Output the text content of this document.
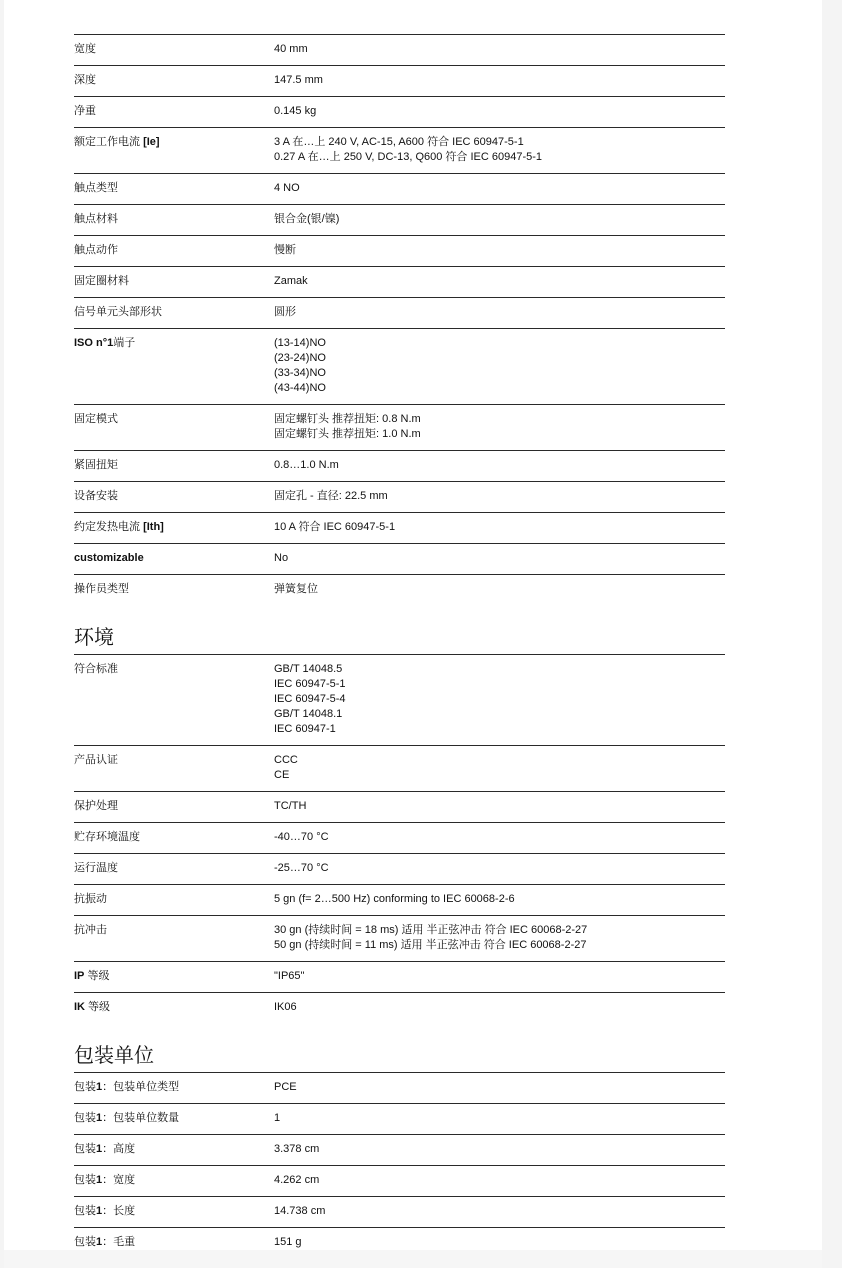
宽度	40 mm
深度	147.5 mm
净重	0.145 kg
额定工作电流 [Ie]	3 A 在…上 240 V, AC-15, A600 符合 IEC 60947-5-1
0.27 A 在…上 250 V, DC-13, Q600 符合 IEC 60947-5-1
触点类型	4 NO
触点材料	银合金(银/镍)
触点动作	慢断
固定圈材料	Zamak
信号单元头部形状	圆形
ISO n°1端子	(13-14)NO
(23-24)NO
(33-34)NO
(43-44)NO
固定模式	固定螺钉头 推荐扭矩: 0.8 N.m
固定螺钉头 推荐扭矩: 1.0 N.m
紧固扭矩	0.8…1.0 N.m
设备安装	固定孔 - 直径: 22.5 mm
约定发热电流 [Ith]	10 A 符合 IEC 60947-5-1
customizable	No
操作员类型	弹簧复位
环境
符合标准	GB/T 14048.5
IEC 60947-5-1
IEC 60947-5-4
GB/T 14048.1
IEC 60947-1
产品认证	CCC
CE
保护处理	TC/TH
贮存环境温度	-40…70 °C
运行温度	-25…70 °C
抗振动	5 gn (f= 2…500 Hz) conforming to IEC 60068-2-6
抗冲击	30 gn (持续时间 = 18 ms) 适用 半正弦冲击 符合 IEC 60068-2-27
50 gn (持续时间 = 11 ms) 适用 半正弦冲击 符合 IEC 60068-2-27
IP 等级	"IP65"
IK 等级	IK06
包装单位
包装1：包装单位类型	PCE
包装1：包装单位数量	1
包装1：高度	3.378 cm
包装1：宽度	4.262 cm
包装1：长度	14.738 cm
包装1：毛重	151 g
